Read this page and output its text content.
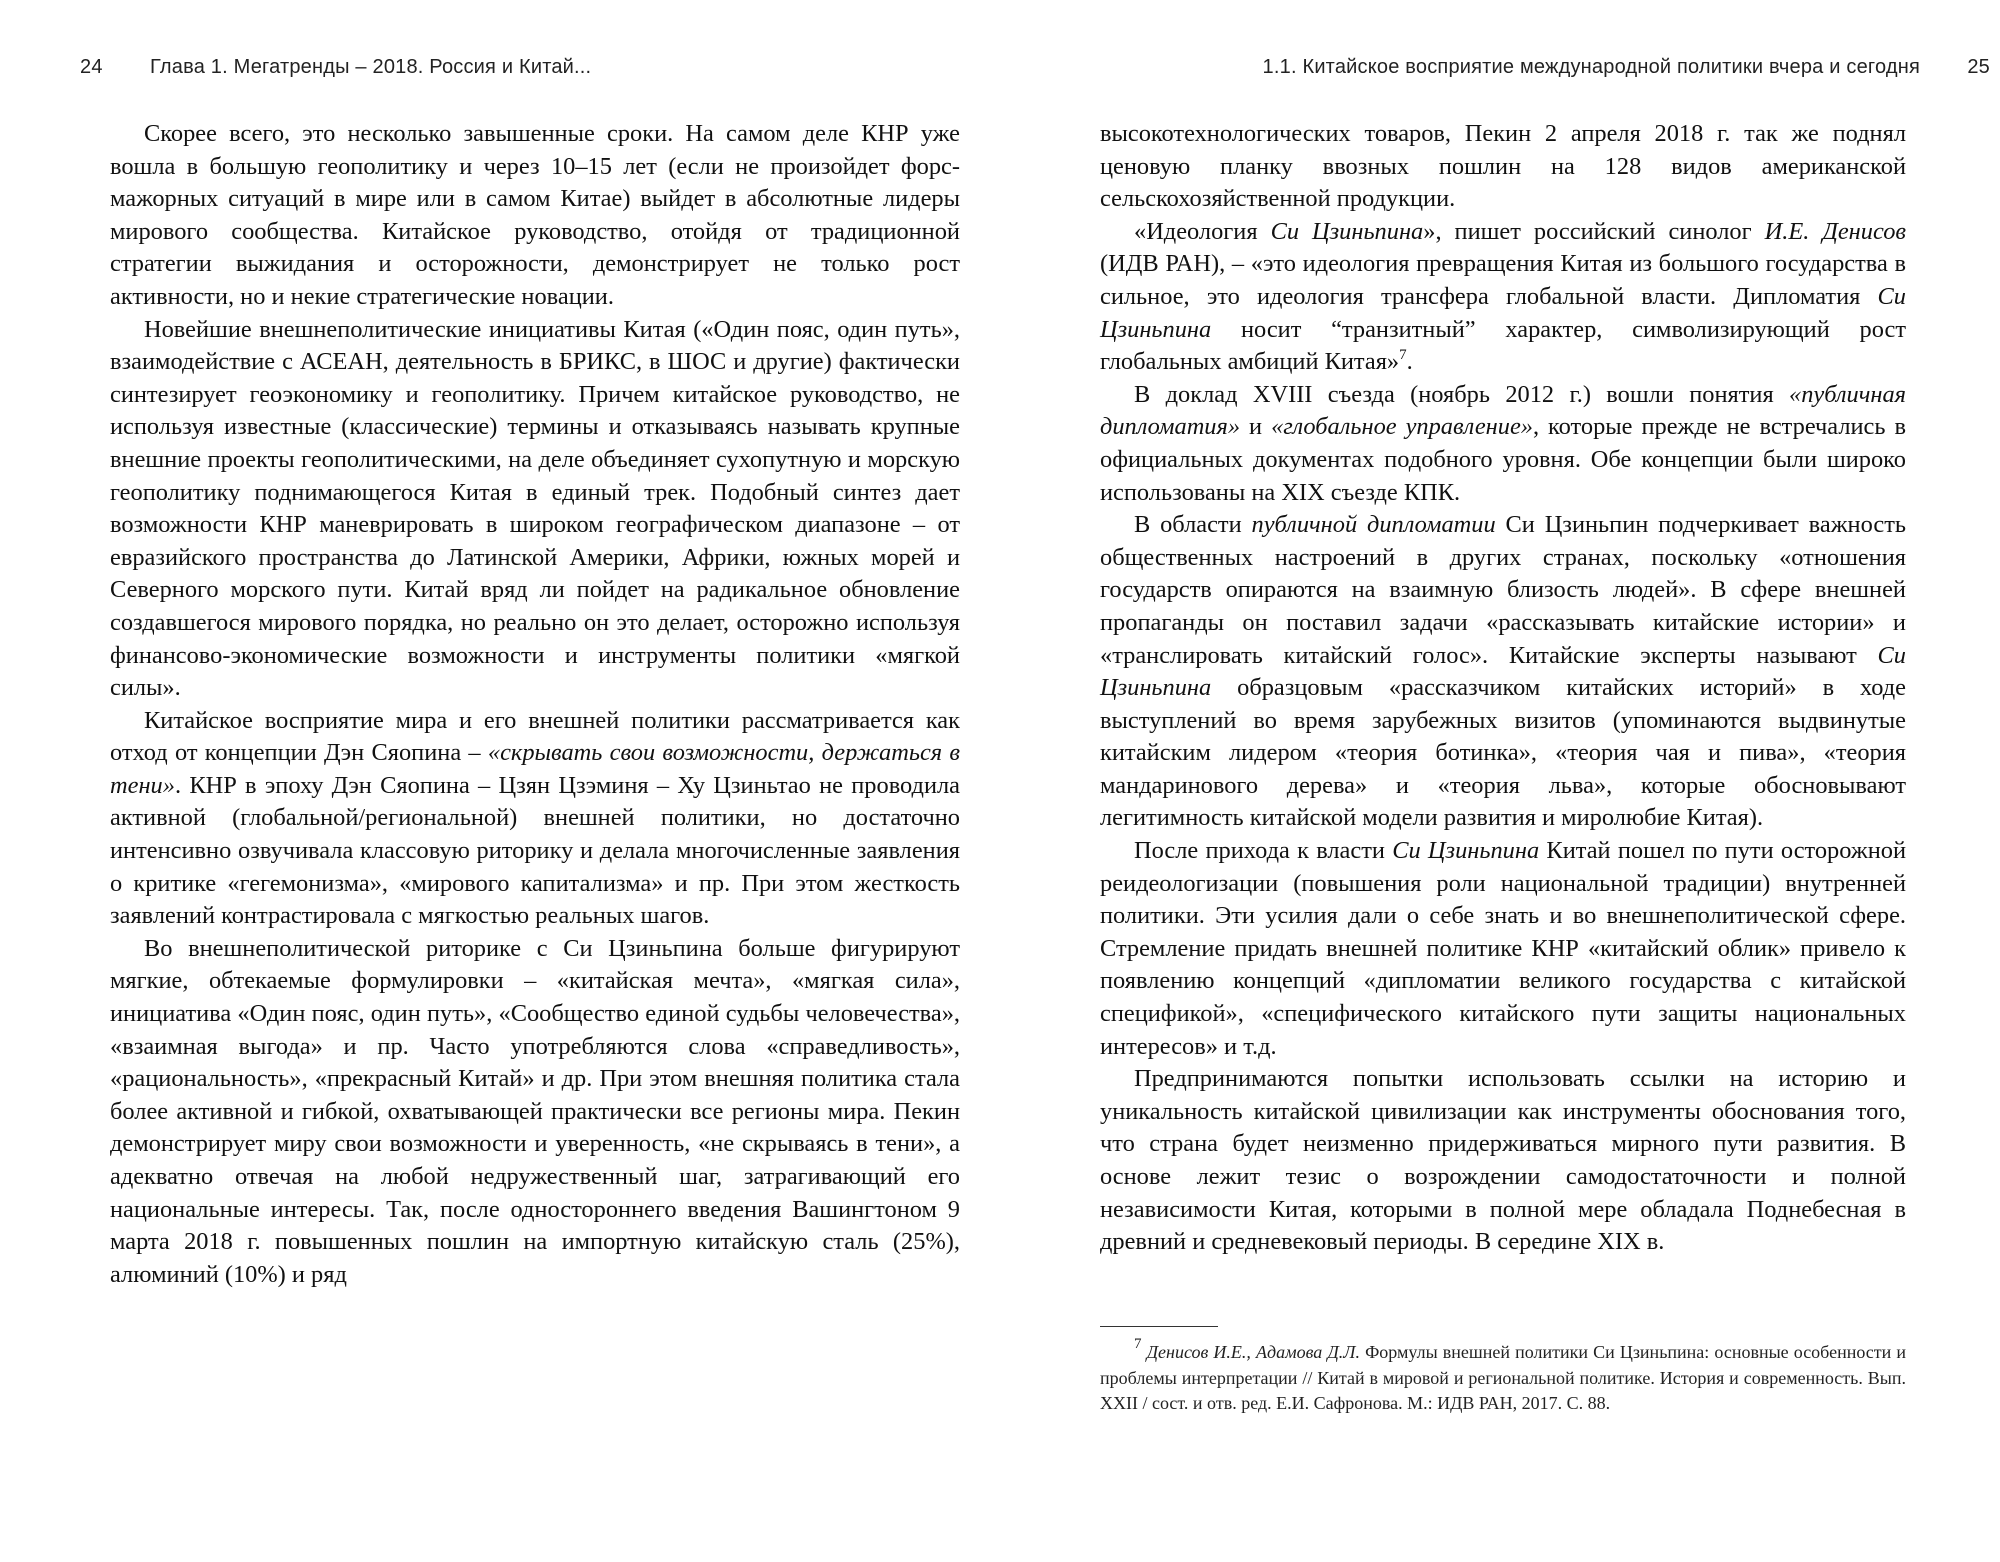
24 Глава 1. Мегатренды – 2018. Россия и Китай...

Скорее всего, это несколько завышенные сроки. На самом деле КНР уже вошла в большую геополитику и через 10–15 лет (если не произойдет форс-мажорных ситуаций в мире или в самом Китае) выйдет в абсолютные лидеры мирового сообщества. Китайское руководство, отойдя от традиционной стратегии выжидания и осторожности, демонстрирует не только рост активности, но и некие стратегические новации.

Новейшие внешнеполитические инициативы Китая («Один пояс, один путь», взаимодействие с АСЕАН, деятельность в БРИКС, в ШОС и другие) фактически синтезирует геоэкономику и геополитику. Причем китайское руководство, не используя известные (классические) термины и отказываясь называть крупные внешние проекты геополитическими, на деле объединяет сухопутную и морскую геополитику поднимающегося Китая в единый трек. Подобный синтез дает возможности КНР маневрировать в широком географическом диапазоне – от евразийского пространства до Латинской Америки, Африки, южных морей и Северного морского пути. Китай вряд ли пойдет на радикальное обновление создавшегося мирового порядка, но реально он это делает, осторожно используя финансово-экономические возможности и инструменты политики «мягкой силы».

Китайское восприятие мира и его внешней политики рассматривается как отход от концепции Дэн Сяопина – «скрывать свои возможности, держаться в тени». КНР в эпоху Дэн Сяопина – Цзян Цзэминя – Ху Цзиньтао не проводила активной (глобальной/региональной) внешней политики, но достаточно интенсивно озвучивала классовую риторику и делала многочисленные заявления о критике «гегемонизма», «мирового капитализма» и пр. При этом жесткость заявлений контрастировала с мягкостью реальных шагов.

Во внешнеполитической риторике с Си Цзиньпина больше фигурируют мягкие, обтекаемые формулировки – «китайская мечта», «мягкая сила», инициатива «Один пояс, один путь», «Сообщество единой судьбы человечества», «взаимная выгода» и пр. Часто употребляются слова «справедливость», «рациональность», «прекрасный Китай» и др. При этом внешняя политика стала более активной и гибкой, охватывающей практически все регионы мира. Пекин демонстрирует миру свои возможности и уверенность, «не скрываясь в тени», а адекватно отвечая на любой недружественный шаг, затрагивающий его национальные интересы. Так, после одностороннего введения Вашингтоном 9 марта 2018 г. повышенных пошлин на импортную китайскую сталь (25%), алюминий (10%) и ряд

1.1. Китайское восприятие международной политики вчера и сегодня 25

высокотехнологических товаров, Пекин 2 апреля 2018 г. так же поднял ценовую планку ввозных пошлин на 128 видов американской сельскохозяйственной продукции.

«Идеология Си Цзиньпина», пишет российский синолог И.Е. Денисов (ИДВ РАН), – «это идеология превращения Китая из большого государства в сильное, это идеология трансфера глобальной власти. Дипломатия Си Цзиньпина носит “транзитный” характер, символизирующий рост глобальных амбиций Китая»$^7$.

В доклад XVIII съезда (ноябрь 2012 г.) вошли понятия «публичная дипломатия» и «глобальное управление», которые прежде не встречались в официальных документах подобного уровня. Обе концепции были широко использованы на XIX съезде КПК.

В области публичной дипломатии Си Цзиньпин подчеркивает важность общественных настроений в других странах, поскольку «отношения государств опираются на взаимную близость людей». В сфере внешней пропаганды он поставил задачи «рассказывать китайские истории» и «транслировать китайский голос». Китайские эксперты называют Си Цзиньпина образцовым «рассказчиком китайских историй» в ходе выступлений во время зарубежных визитов (упоминаются выдвинутые китайским лидером «теория ботинка», «теория чая и пива», «теория мандаринового дерева» и «теория льва», которые обосновывают легитимность китайской модели развития и миролюбие Китая).

После прихода к власти Си Цзиньпина Китай пошел по пути осторожной реидеологизации (повышения роли национальной традиции) внутренней политики. Эти усилия дали о себе знать и во внешнеполитической сфере. Стремление придать внешней политике КНР «китайский облик» привело к появлению концепций «дипломатии великого государства с китайской спецификой», «специфического китайского пути защиты национальных интересов» и т.д.

Предпринимаются попытки использовать ссылки на историю и уникальность китайской цивилизации как инструменты обоснования того, что страна будет неизменно придерживаться мирного пути развития. В основе лежит тезис о возрождении самодостаточности и полной независимости Китая, которыми в полной мере обладала Поднебесная в древний и средневековый периоды. В середине XIX в.

$^7$ Денисов И.Е., Адамова Д.Л. Формулы внешней политики Си Цзиньпина: основные особенности и проблемы интерпретации // Китай в мировой и региональной политике. История и современность. Вып. XXII / сост. и отв. ред. Е.И. Сафронова. М.: ИДВ РАН, 2017. С. 88.
